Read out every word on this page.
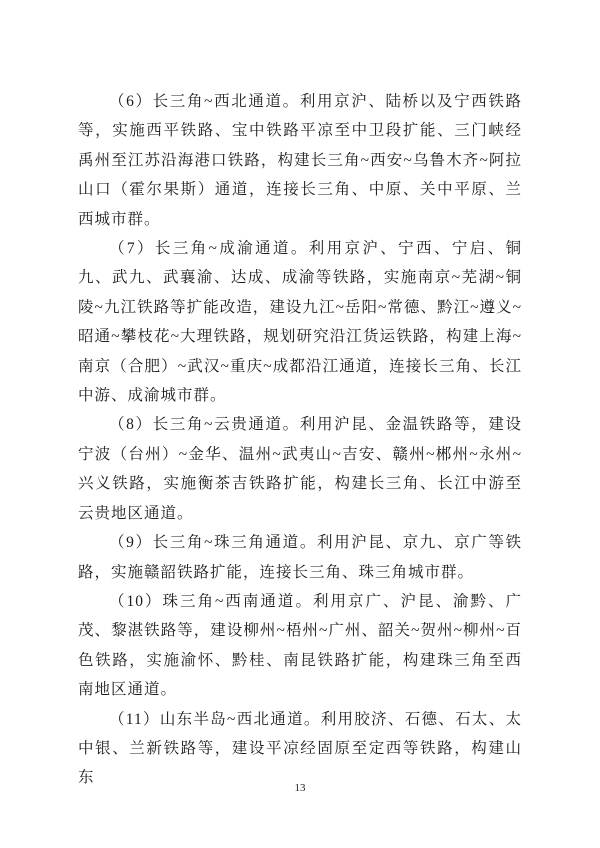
（6）长三角~西北通道。利用京沪、陆桥以及宁西铁路等，实施西平铁路、宝中铁路平凉至中卫段扩能、三门峡经禹州至江苏沿海港口铁路，构建长三角~西安~乌鲁木齐~阿拉山口（霍尔果斯）通道，连接长三角、中原、关中平原、兰西城市群。

（7）长三角~成渝通道。利用京沪、宁西、宁启、铜九、武九、武襄渝、达成、成渝等铁路，实施南京~芜湖~铜陵~九江铁路等扩能改造，建设九江~岳阳~常德、黔江~遵义~昭通~攀枝花~大理铁路，规划研究沿江货运铁路，构建上海~南京（合肥）~武汉~重庆~成都沿江通道，连接长三角、长江中游、成渝城市群。

（8）长三角~云贵通道。利用沪昆、金温铁路等，建设宁波（台州）~金华、温州~武夷山~吉安、赣州~郴州~永州~兴义铁路，实施衡茶吉铁路扩能，构建长三角、长江中游至云贵地区通道。

（9）长三角~珠三角通道。利用沪昆、京九、京广等铁路，实施赣韶铁路扩能，连接长三角、珠三角城市群。

（10）珠三角~西南通道。利用京广、沪昆、渝黔、广茂、黎湛铁路等，建设柳州~梧州~广州、韶关~贺州~柳州~百色铁路，实施渝怀、黔桂、南昆铁路扩能，构建珠三角至西南地区通道。

（11）山东半岛~西北通道。利用胶济、石德、石太、太中银、兰新铁路等，建设平凉经固原至定西等铁路，构建山东

13
